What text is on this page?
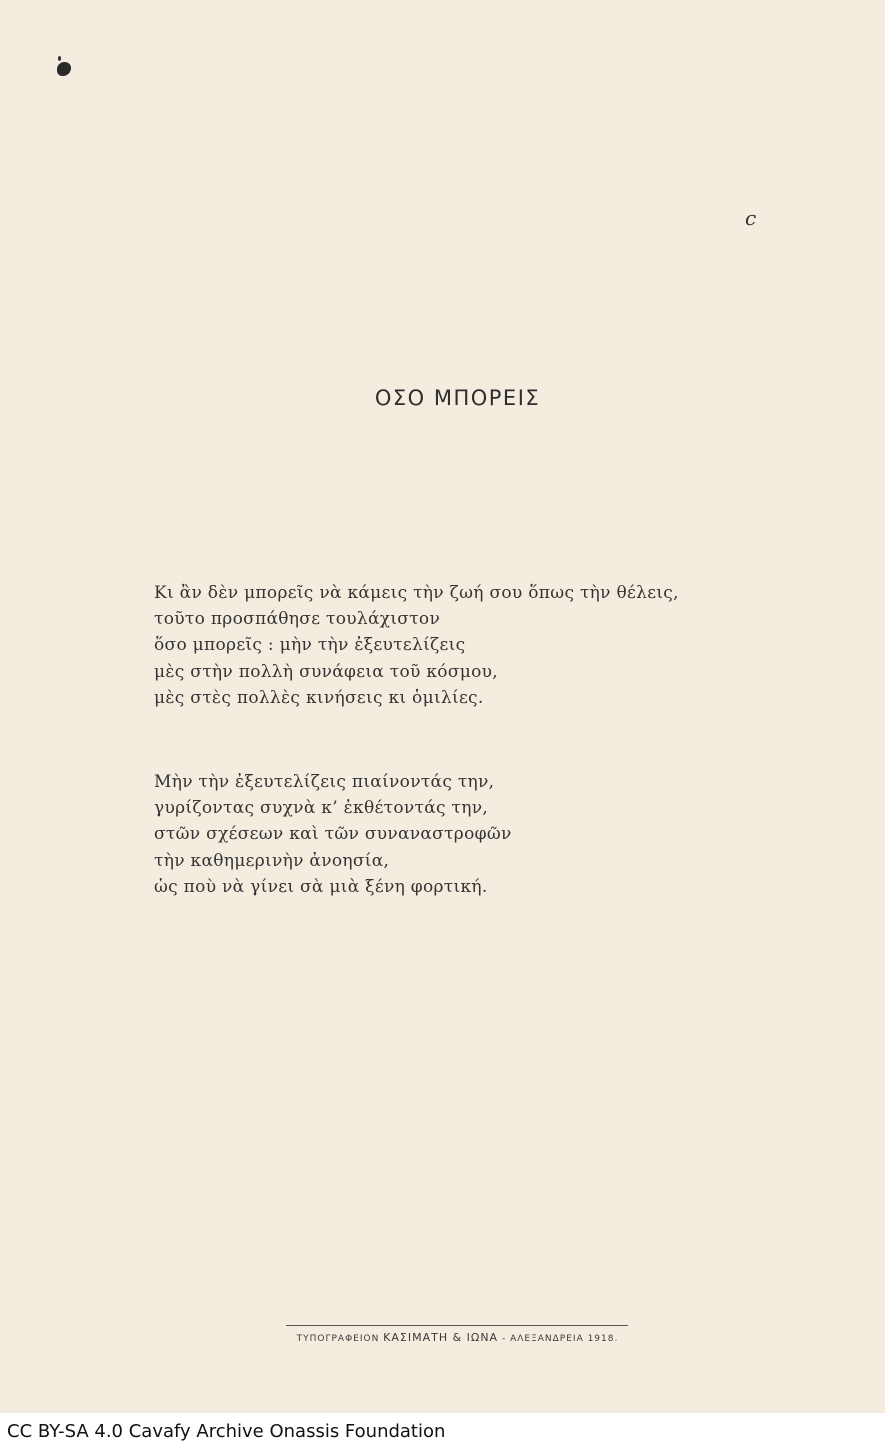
ϲ
ΟΣΟ ΜΠΟΡΕΙΣ
Κι ἂν δὲν μπορεῖς νὰ κάμεις τὴν ζωή σου ὅπως τὴν θέλεις,
τοῦτο προσπάθησε τουλάχιστον
ὅσο μπορεῖς : μὴν τὴν ἐξευτελίζεις
μὲς στὴν πολλὴ συνάφεια τοῦ κόσμου,
μὲς στὲς πολλὲς κινήσεις κι ὁμιλίες.
Μὴν τὴν ἐξευτελίζεις πιαίνοντάς την,
γυρίζοντας συχνὰ κ’ ἐκθέτοντάς την,
στῶν σχέσεων καὶ τῶν συναναστροφῶν
τὴν καθημερινὴν ἀνοησία,
ὡς ποὺ νὰ γίνει σὰ μιὰ ξένη φορτική.
ΤΥΠΟΓΡΑΦΕΙΟΝ ΚΑΣΙΜΑΤΗ & ΙΩΝΑ - ΑΛΕΞΑΝΔΡΕΙΑ 1918.
CC BY-SA 4.0 Cavafy Archive Onassis Foundation
